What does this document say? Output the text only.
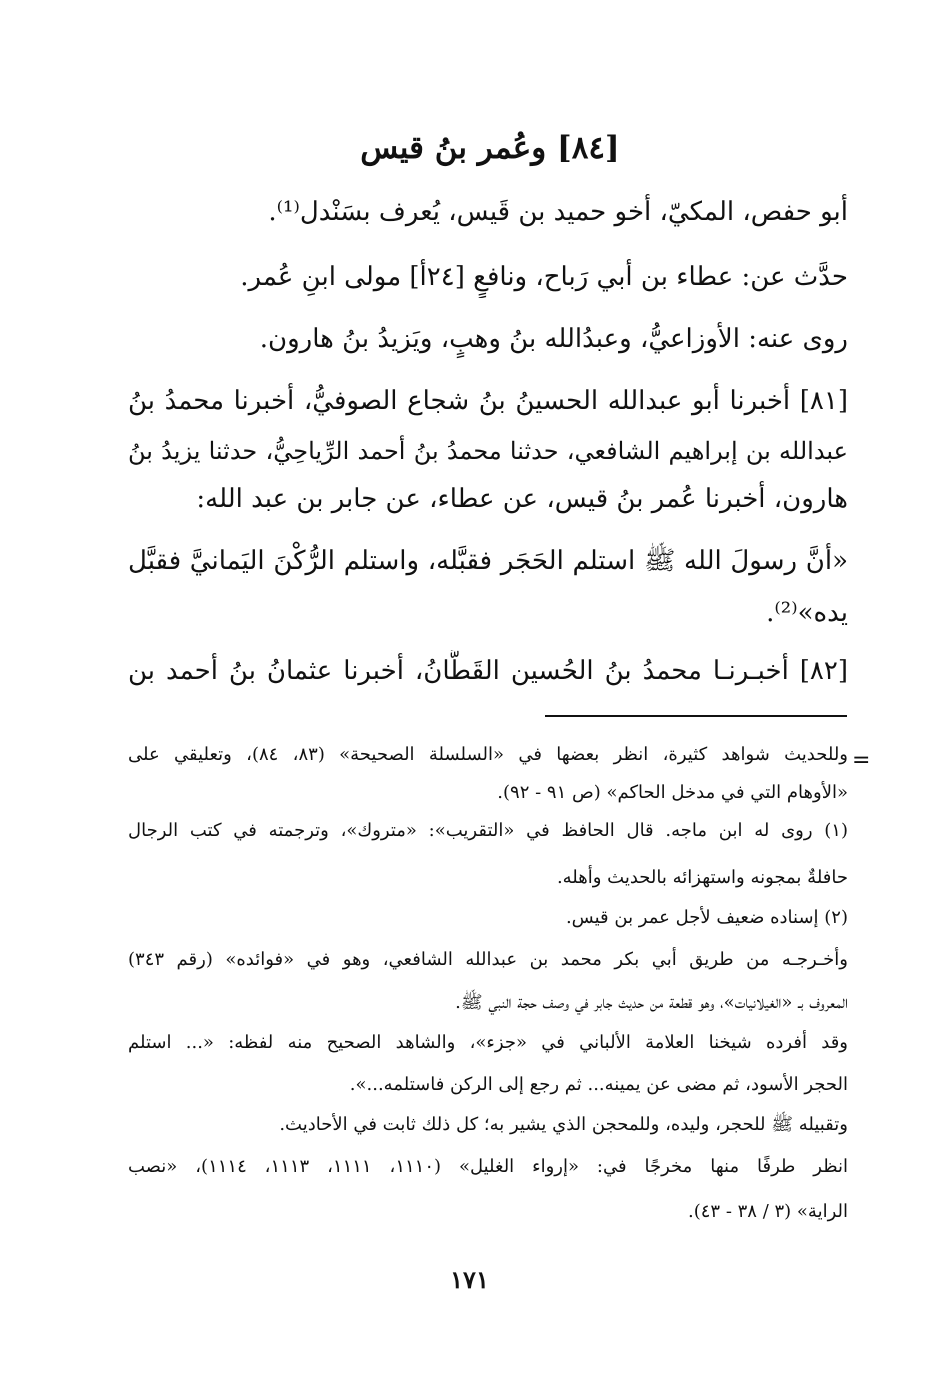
[٨٤] وعُمر بنُ قيس
أبو حفص، المكيّ، أخو حميد بن قَيس، يُعرف بسَنْدل⁽¹⁾.
حدَّث عن: عطاء بن أبي رَباح، ونافعٍ [٢٤أ] مولى ابنِ عُمر.
روى عنه: الأوزاعيُّ، وعبدُالله بنُ وهبٍ، ويَزيدُ بنُ هارون.
[٨١] أخبرنا أبو عبدالله الحسينُ بنُ شجاع الصوفيُّ، أخبرنا محمدُ بنُ
عبدالله بن إبراهيم الشافعي، حدثنا محمدُ بنُ أحمد الرِّياحِيُّ، حدثنا يزيدُ بنُ
هارون، أخبرنا عُمر بنُ قيس، عن عطاء، عن جابر بن عبد الله:
«أنَّ رسولَ الله ﷺ استلم الحَجَر فقبَّله، واستلم الرُّكْنَ اليَمانيَّ فقبَّل
يده»⁽²⁾.
[٨٢] أخبـرنـا محمدُ بنُ الحُسين القَطَّانُ، أخبرنا عثمانُ بنُ أحمد بن
=
وللحديث شواهد كثيرة، انظر بعضها في «السلسلة الصحيحة» (٨٣، ٨٤)، وتعليقي على
«الأوهام التي في مدخل الحاكم» (ص ٩١ - ٩٢).
(١) روى له ابن ماجه. قال الحافظ في «التقريب»: «متروك»، وترجمته في كتب الرجال
حافلةٌ بمجونه واستهزائه بالحديث وأهله.
(٢) إسناده ضعيف لأجل عمر بن قيس.
وأخـرجـه من طريق أبي بكر محمد بن عبدالله الشافعي، وهو في «فوائده» (رقم ٣٤٣)
المعروف بـ «الغيلانيات»، وهو قطعة من حديث جابر في وصف حجة النبي ﷺ.
وقد أفرده شيخنا العلامة الألباني في «جزء»، والشاهد الصحيح منه لفظه: «... استلم
الحجر الأسود، ثم مضى عن يمينه... ثم رجع إلى الركن فاستلمه...».
وتقبيله ﷺ للحجر، وليده، وللمحجن الذي يشير به؛ كل ذلك ثابت في الأحاديث.
انظر طرفًا منها مخرجًا في: «إرواء الغليل» (١١١٠، ١١١١، ١١١٣، ١١١٤)، «نصب
الراية» (٣ / ٣٨ - ٤٣).
١٧١
